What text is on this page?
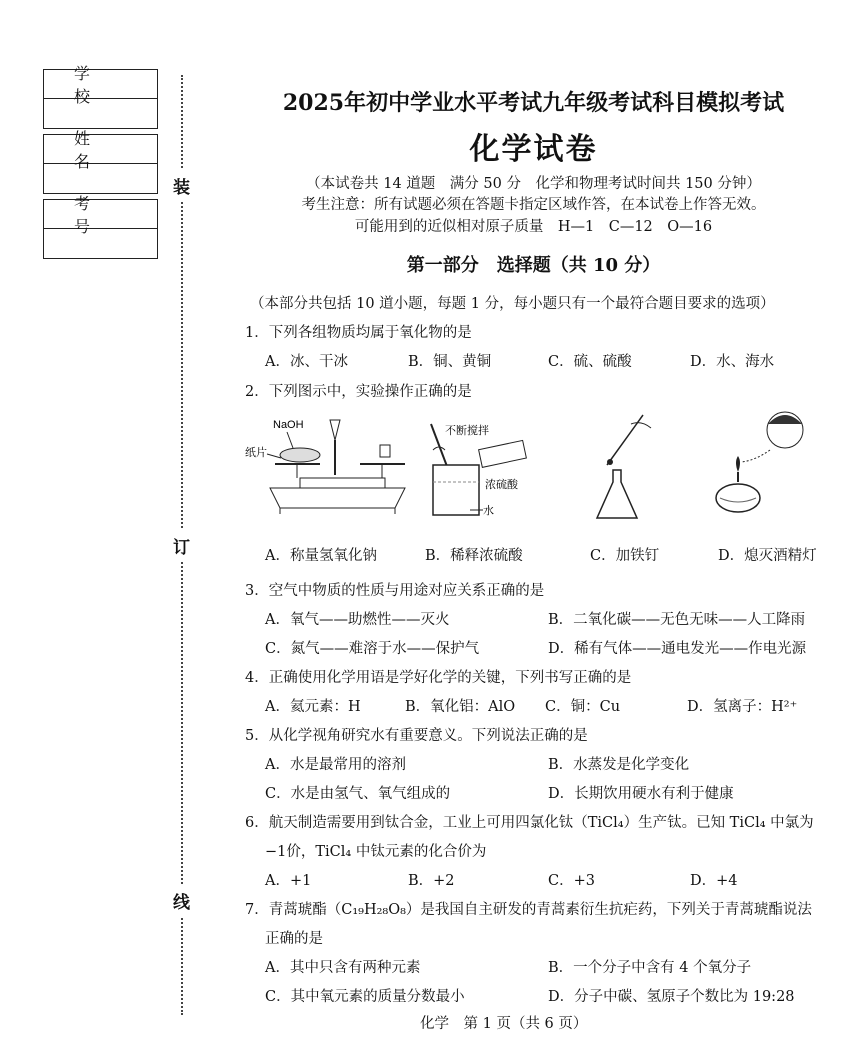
学校
姓名
考号
装
订
线
2025年初中学业水平考试九年级考试科目模拟考试
化学试卷
（本试卷共 14 道题　满分 50 分　化学和物理考试时间共 150 分钟）
考生注意：所有试题必须在答题卡指定区域作答，在本试卷上作答无效。
可能用到的近似相对原子质量　H—1　C—12　O—16
第一部分　选择题（共 10 分）
（本部分共包括 10 道小题，每题 1 分，每小题只有一个最符合题目要求的选项）
1．下列各组物质均属于氧化物的是
A．冰、干冰	B．铜、黄铜	C．硫、硫酸	D．水、海水
2．下列图示中，实验操作正确的是
NaOH
纸片
不断搅拌
浓硫酸
水
A．称量氢氧化钠	B．稀释浓硫酸	C．加铁钉	D．熄灭酒精灯
3．空气中物质的性质与用途对应关系正确的是
A．氧气——助燃性——灭火	B．二氧化碳——无色无味——人工降雨
C．氮气——难溶于水——保护气	D．稀有气体——通电发光——作电光源
4．正确使用化学用语是学好化学的关键，下列书写正确的是
A．氦元素：H	B．氧化铝：AlO C．铜：Cu	D．氢离子：H²⁺
5．从化学视角研究水有重要意义。下列说法正确的是
A．水是最常用的溶剂	B．水蒸发是化学变化
C．水是由氢气、氧气组成的	D．长期饮用硬水有利于健康
6．航天制造需要用到钛合金，工业上可用四氯化钛（TiCl₄）生产钛。已知 TiCl₄ 中氯为
−1价，TiCl₄ 中钛元素的化合价为
A．+1	B．+2	C．+3	D．+4
7．青蒿琥酯（C₁₉H₂₈O₈）是我国自主研发的青蒿素衍生抗疟药，下列关于青蒿琥酯说法
正确的是
A．其中只含有两种元素	B．一个分子中含有 4 个氧分子
C．其中氧元素的质量分数最小	D．分子中碳、氢原子个数比为 19:28
化学　第 1 页（共 6 页）
